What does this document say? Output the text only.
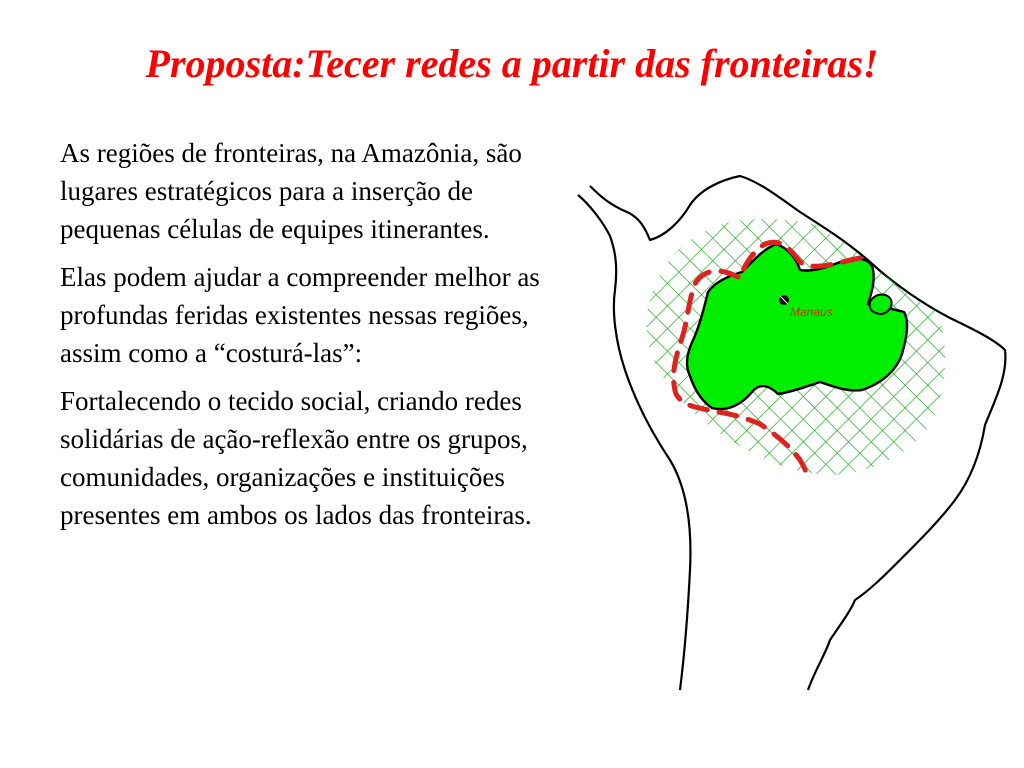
Proposta:Tecer redes a partir das fronteiras!

As regiões de fronteiras, na Amazônia, são lugares estratégicos para a inserção de pequenas células de equipes itinerantes.

Elas podem ajudar a compreender melhor as profundas feridas existentes nessas regiões, assim como a “costurá-las”:

Fortalecendo o tecido social, criando redes solidárias de ação-reflexão entre os grupos, comunidades, organizações e instituições presentes em ambos os lados das fronteiras.

Manaus
